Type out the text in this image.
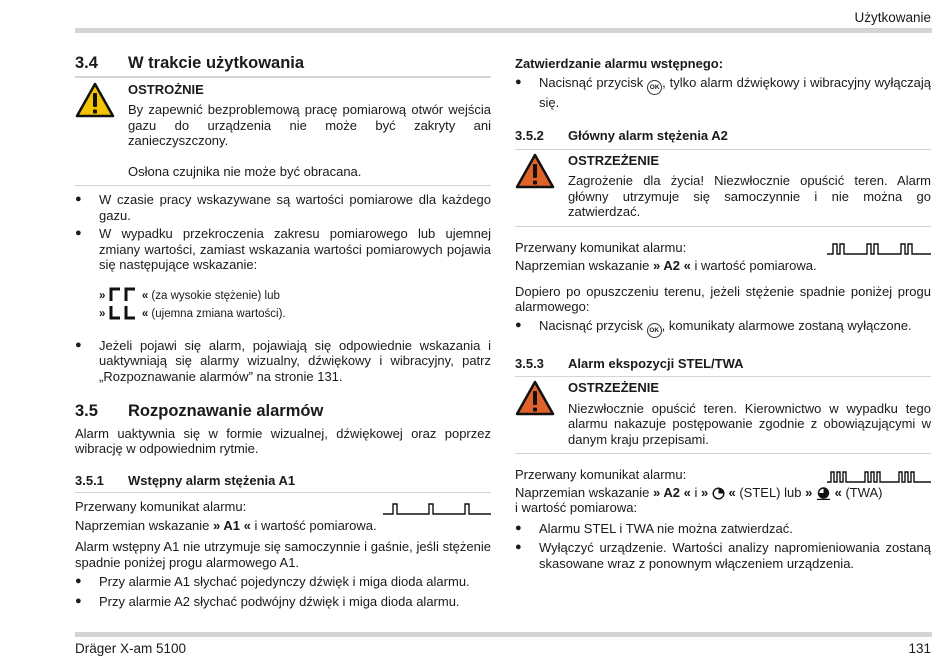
Użytkowanie
Dräger X-am 5100	131
3.4	W trakcie użytkowania
OSTROŻNIE

By zapewnić bezproblemową pracę pomiarową otwór wejścia gazu do urządzenia nie może być zakryty ani zanieczyszczony.

Osłona czujnika nie może być obracana.

●	W czasie pracy wskazywane są wartości pomiarowe dla każdego gazu.
●	W wypadku przekroczenia zakresu pomiarowego lub ujemnej zmiany wartości, zamiast wskazania wartości pomiarowych pojawia się następujące wskazanie:
»	« (za wysokie stężenie) lub
»	« (ujemna zmiana wartości).
●	Jeżeli pojawi się alarm, pojawiają się odpowiednie wskazania i uaktywniają się alarmy wizualny, dźwiękowy i wibracyjny, patrz „Rozpoznawanie alarmów” na stronie 131.
3.5	Rozpoznawanie alarmów

Alarm uaktywnia się w formie wizualnej, dźwiękowej oraz poprzez wibrację w odpowiednim rytmie.

3.5.1	Wstępny alarm stężenia A1
Przerwany komunikat alarmu:

Naprzemian wskazanie » A1 « i wartość pomiarowa.

Alarm wstępny A1 nie utrzymuje się samoczynnie i gaśnie, jeśli stężenie spadnie poniżej progu alarmowego A1.

●	Przy alarmie A1 słychać pojedynczy dźwięk i miga dioda alarmu.
●	Przy alarmie A2 słychać podwójny dźwięk i miga dioda alarmu.
Zatwierdzanie alarmu wstępnego:
●	Nacisnąć przycisk OK , tylko alarm dźwiękowy i wibracyjny wyłączają się.
3.5.2	Główny alarm stężenia A2
OSTRZEŻENIE

Zagrożenie dla życia! Niezwłocznie opuścić teren. Alarm główny utrzymuje się samoczynnie i nie można go zatwierdzać.

Przerwany komunikat alarmu:

Naprzemian wskazanie » A2 « i wartość pomiarowa.

Dopiero po opuszczeniu terenu, jeżeli stężenie spadnie poniżej progu alarmowego:

●	Nacisnąć przycisk OK , komunikaty alarmowe zostaną wyłączone.
3.5.3	Alarm ekspozycji STEL/TWA
OSTRZEŻENIE

Niezwłocznie opuścić teren. Kierownictwo w wypadku tego alarmu nakazuje postępowanie zgodnie z obowiązującymi w danym kraju przepisami.

Przerwany komunikat alarmu:

Naprzemian wskazanie » A2 « i » « (STEL) lub » « (TWA)

i wartość pomiarowa:

●	Alarmu STEL i TWA nie można zatwierdzać.
●	Wyłączyć urządzenie. Wartości analizy napromieniowania zostaną skasowane wraz z ponownym włączeniem urządzenia.
